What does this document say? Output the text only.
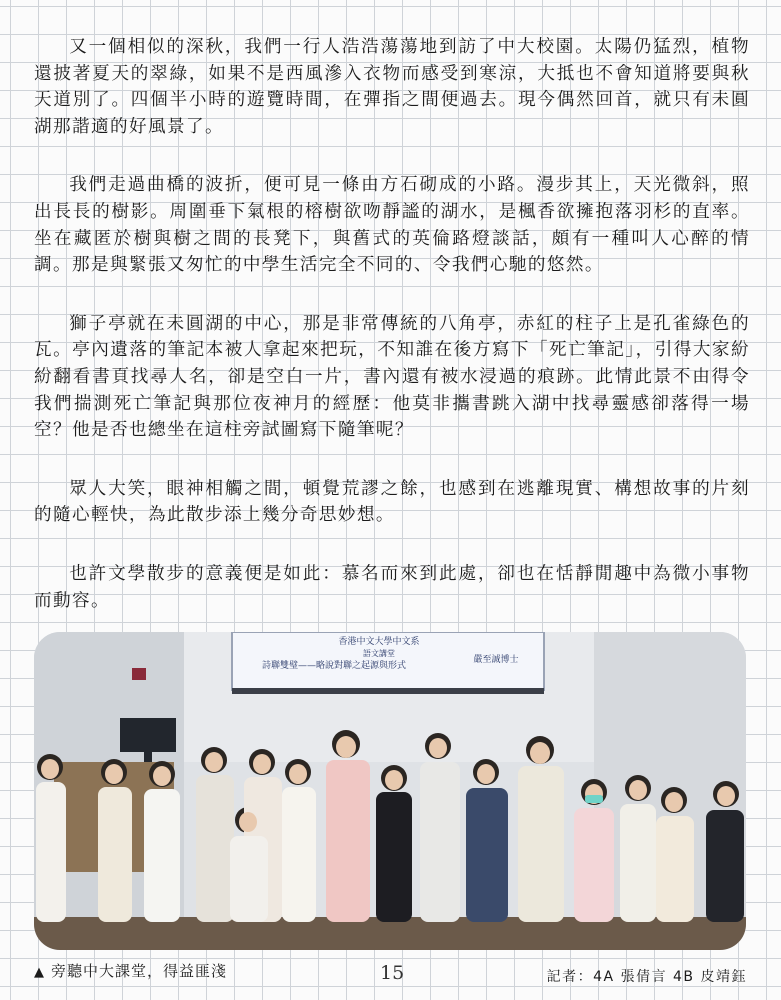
又一個相似的深秋，我們一行人浩浩蕩蕩地到訪了中大校園。太陽仍猛烈，植物還披著夏天的翠綠，如果不是西風滲入衣物而感受到寒涼，大抵也不會知道將要與秋天道別了。四個半小時的遊覽時間，在彈指之間便過去。現今偶然回首，就只有未圓湖那諧適的好風景了。

我們走過曲橋的波折，便可見一條由方石砌成的小路。漫步其上，天光微斜，照出長長的樹影。周圍垂下氣根的榕樹欲吻靜謐的湖水，是楓香欲擁抱落羽杉的直率。坐在藏匿於樹與樹之間的長凳下，與舊式的英倫路燈談話，頗有一種叫人心醉的情調。那是與緊張又匆忙的中學生活完全不同的、令我們心馳的悠然。

獅子亭就在未圓湖的中心，那是非常傳統的八角亭，赤紅的柱子上是孔雀綠色的瓦。亭內遺落的筆記本被人拿起來把玩，不知誰在後方寫下「死亡筆記」，引得大家紛紛翻看書頁找尋人名，卻是空白一片，書內還有被水浸過的痕跡。此情此景不由得令我們揣測死亡筆記與那位夜神月的經歷：他莫非攜書跳入湖中找尋靈感卻落得一場空？他是否也總坐在這柱旁試圖寫下隨筆呢？

眾人大笑，眼神相觸之間，頓覺荒謬之餘，也感到在逃離現實、構想故事的片刻的隨心輕快，為此散步添上幾分奇思妙想。

也許文學散步的意義便是如此：慕名而來到此處，卻也在恬靜閒趣中為微小事物而動容。

香港中文大學中文系
語文講堂
詩聯雙璧——略說對聯之起源與形式
嚴至誠博士
▲ 旁聽中大課堂，得益匪淺	15	記者：4A 張倩言 4B 皮靖鈺
